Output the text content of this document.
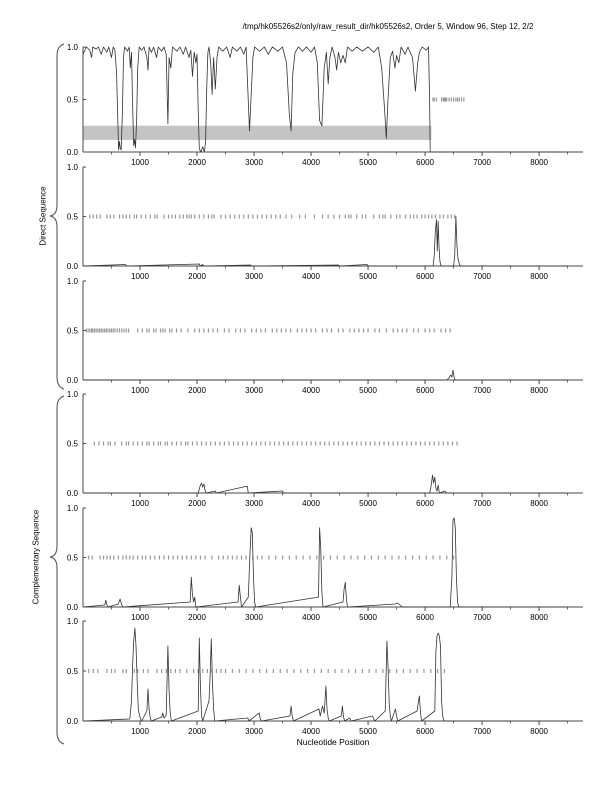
/tmp/hk05526s2/only/raw_result_dir/hk05526s2, Order 5, Window 96, Step 12, 2/2
Direct Sequence
Complementary Sequence
1.0
0.5
0.0
1000	2000	3000	4000	5000	6000	7000	8000
1.0
0.5
0.0
1000	2000	3000	4000	5000	6000	7000	8000
1.0
0.5
0.0
1000	2000	3000	4000	5000	6000	7000	8000
1.0
0.5
0.0
1000	2000	3000	4000	5000	6000	7000	8000
1.0
0.5
0.0
1000	2000	3000	4000	5000	6000	7000	8000
1.0
0.5
0.0
1000	2000	3000	4000	5000	6000	7000	8000
Nucleotide Position
